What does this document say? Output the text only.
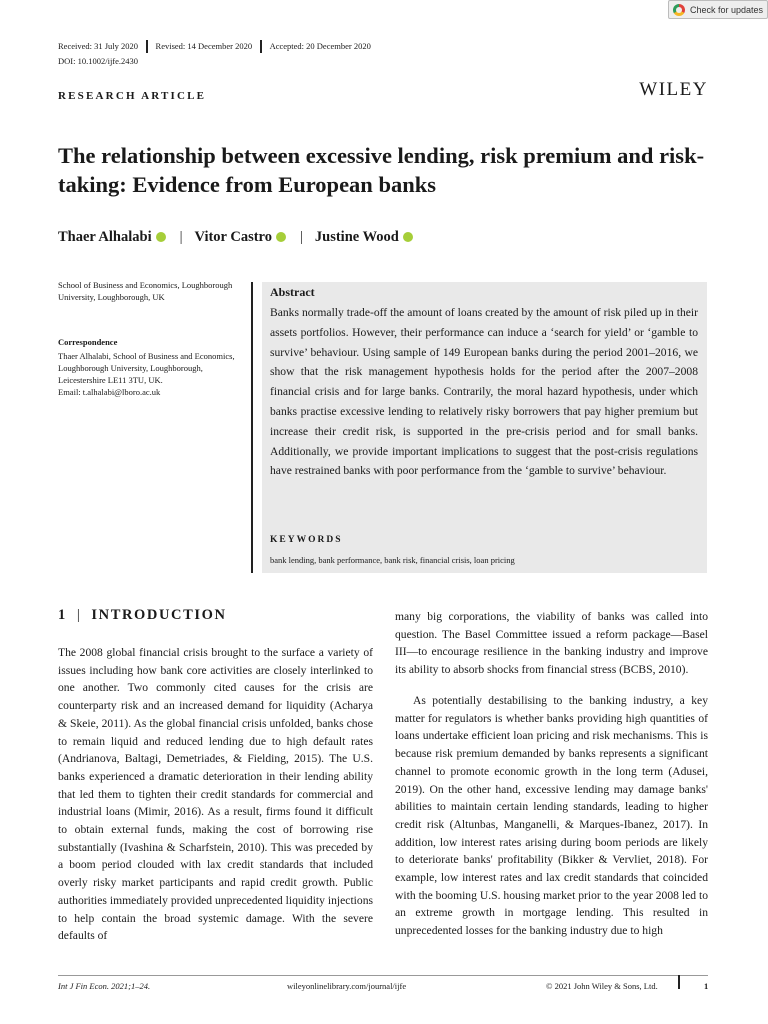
Check for updates
Received: 31 July 2020 Revised: 14 December 2020 Accepted: 20 December 2020
DOI: 10.1002/ijfe.2430
RESEARCH ARTICLE	WILEY
The relationship between excessive lending, risk premium and risk-taking: Evidence from European banks
Thaer Alhalabi | Vitor Castro | Justine Wood
School of Business and Economics, Loughborough University, Loughborough, UK
Correspondence
Thaer Alhalabi, School of Business and Economics, Loughborough University, Loughborough, Leicestershire LE11 3TU, UK.
Email: t.alhalabi@lboro.ac.uk
Abstract
Banks normally trade-off the amount of loans created by the amount of risk piled up in their assets portfolios. However, their performance can induce a ‘search for yield’ or ‘gamble to survive’ behaviour. Using sample of 149 European banks during the period 2001–2016, we show that the risk management hypothesis holds for the period after the 2007–2008 financial crisis and for large banks. Contrarily, the moral hazard hypothesis, under which banks practise excessive lending to relatively risky borrowers that pay higher premium but increase their credit risk, is supported in the pre-crisis period and for small banks. Additionally, we provide important implications to suggest that the post-crisis regulations have restrained banks with poor performance from the ‘gamble to survive’ behaviour.
KEYWORDS
bank lending, bank performance, bank risk, financial crisis, loan pricing
1 | INTRODUCTION
The 2008 global financial crisis brought to the surface a variety of issues including how bank core activities are closely interlinked to one another. Two commonly cited causes for the crisis are counterparty risk and an increased demand for liquidity (Acharya & Skeie, 2011). As the global financial crisis unfolded, banks chose to remain liquid and reduced lending due to high default rates (Andrianova, Baltagi, Demetriades, & Fielding, 2015). The U.S. banks experienced a dramatic deterioration in their lending ability that led them to tighten their credit standards for commercial and industrial loans (Mimir, 2016). As a result, firms found it difficult to obtain external funds, making the cost of borrowing rise substantially (Ivashina & Scharfstein, 2010). This was preceded by a boom period clouded with lax credit standards that included overly risky market participants and rapid credit growth. Public authorities immediately provided unprecedented liquidity injections to help contain the broad systemic damage. With the severe defaults of
many big corporations, the viability of banks was called into question. The Basel Committee issued a reform package—Basel III—to encourage resilience in the banking industry and improve its ability to absorb shocks from financial stress (BCBS, 2010).
As potentially destabilising to the banking industry, a key matter for regulators is whether banks providing high quantities of loans undertake efficient loan pricing and risk mechanisms. This is because risk premium demanded by banks represents a significant channel to promote economic growth in the long term (Adusei, 2019). On the other hand, excessive lending may damage banks' abilities to maintain certain lending standards, leading to higher credit risk (Altunbas, Manganelli, & Marques-Ibanez, 2017). In addition, low interest rates arising during boom periods are likely to deteriorate banks' profitability (Bikker & Vervliet, 2018). For example, low interest rates and lax credit standards that coincided with the booming U.S. housing market prior to the year 2008 led to an extreme growth in mortgage lending. This resulted in unprecedented losses for the banking industry due to high
Int J Fin Econ. 2021;1–24.	wileyonlinelibrary.com/journal/ijfe	© 2021 John Wiley & Sons, Ltd.	1
